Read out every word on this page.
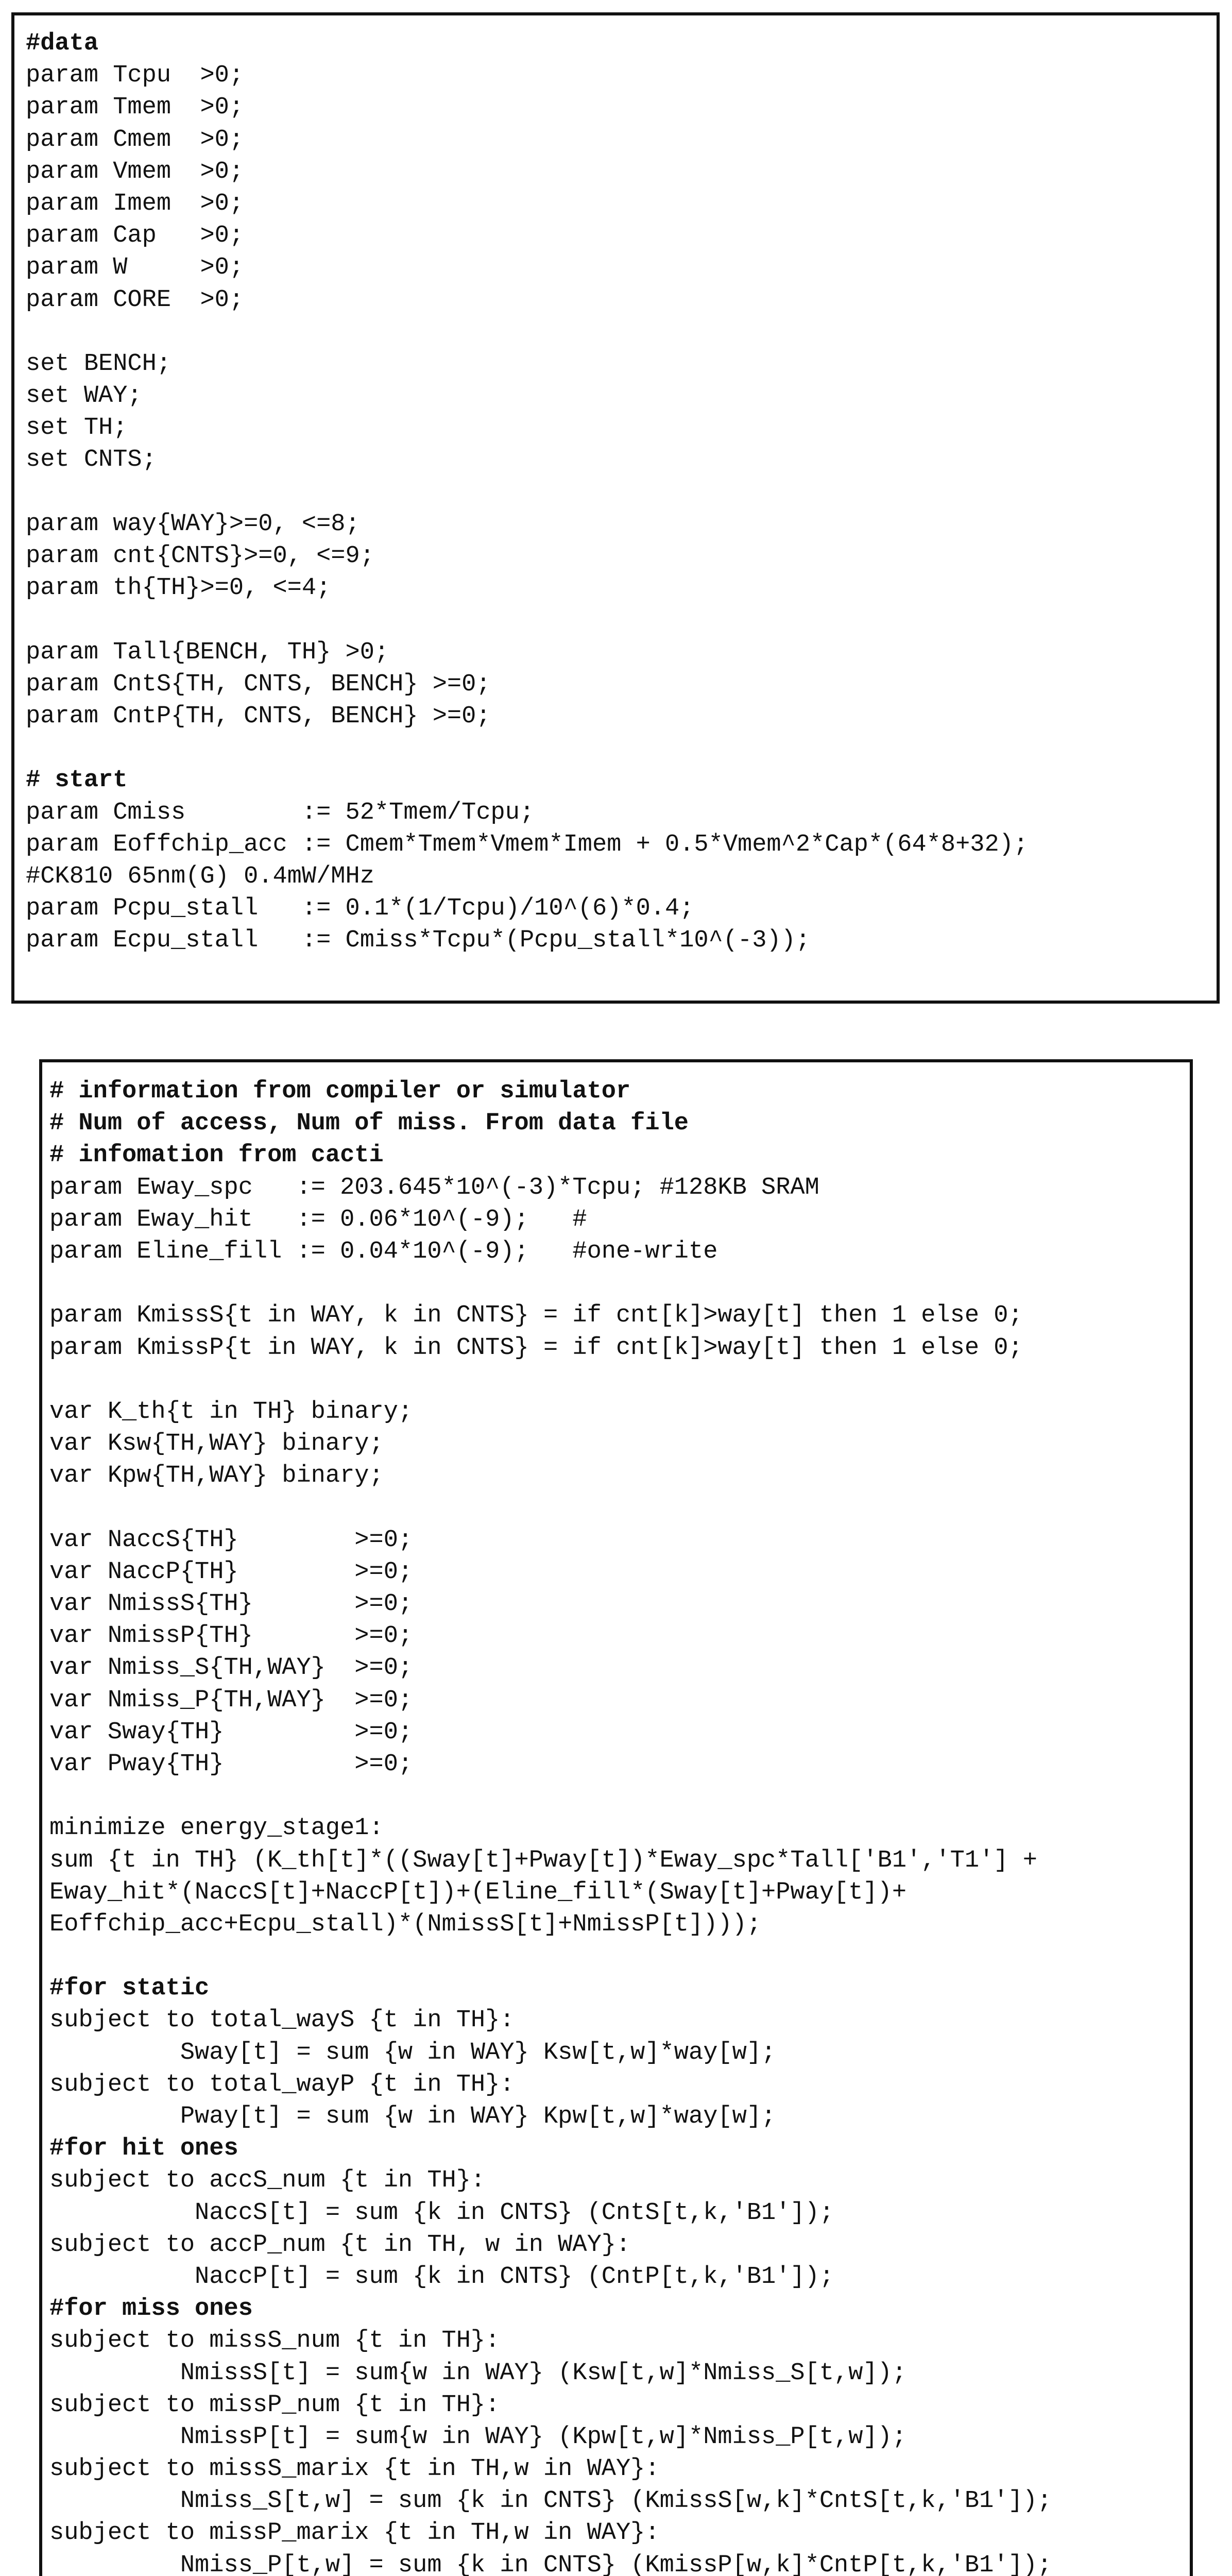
#data
param Tcpu  >0;
param Tmem  >0;
param Cmem  >0;
param Vmem  >0;
param Imem  >0;
param Cap   >0;
param W     >0;
param CORE  >0;
set BENCH;
set WAY;
set TH;
set CNTS;
param way{WAY}>=0, <=8;
param cnt{CNTS}>=0, <=9;
param th{TH}>=0, <=4;
param Tall{BENCH, TH} >0;
param CntS{TH, CNTS, BENCH} >=0;
param CntP{TH, CNTS, BENCH} >=0;
# start
param Cmiss        := 52*Tmem/Tcpu;
param Eoffchip_acc := Cmem*Tmem*Vmem*Imem + 0.5*Vmem^2*Cap*(64*8+32);
#CK810 65nm(G) 0.4mW/MHz
param Pcpu_stall   := 0.1*(1/Tcpu)/10^(6)*0.4;
param Ecpu_stall   := Cmiss*Tcpu*(Pcpu_stall*10^(-3));
# information from compiler or simulator
# Num of access, Num of miss. From data file
# infomation from cacti
param Eway_spc   := 203.645*10^(-3)*Tcpu; #128KB SRAM
param Eway_hit   := 0.06*10^(-9);   #
param Eline_fill := 0.04*10^(-9);   #one-write
param KmissS{t in WAY, k in CNTS} = if cnt[k]>way[t] then 1 else 0;
param KmissP{t in WAY, k in CNTS} = if cnt[k]>way[t] then 1 else 0;
var K_th{t in TH} binary;
var Ksw{TH,WAY} binary;
var Kpw{TH,WAY} binary;
var NaccS{TH}        >=0;
var NaccP{TH}        >=0;
var NmissS{TH}       >=0;
var NmissP{TH}       >=0;
var Nmiss_S{TH,WAY}  >=0;
var Nmiss_P{TH,WAY}  >=0;
var Sway{TH}         >=0;
var Pway{TH}         >=0;
minimize energy_stage1:
sum {t in TH} (K_th[t]*((Sway[t]+Pway[t])*Eway_spc*Tall['B1','T1'] +
Eway_hit*(NaccS[t]+NaccP[t])+(Eline_fill*(Sway[t]+Pway[t])+
Eoffchip_acc+Ecpu_stall)*(NmissS[t]+NmissP[t])));
#for static
subject to total_wayS {t in TH}:
Sway[t] = sum {w in WAY} Ksw[t,w]*way[w];
subject to total_wayP {t in TH}:
Pway[t] = sum {w in WAY} Kpw[t,w]*way[w];
#for hit ones
subject to accS_num {t in TH}:
NaccS[t] = sum {k in CNTS} (CntS[t,k,'B1']);
subject to accP_num {t in TH, w in WAY}:
NaccP[t] = sum {k in CNTS} (CntP[t,k,'B1']);
#for miss ones
subject to missS_num {t in TH}:
NmissS[t] = sum{w in WAY} (Ksw[t,w]*Nmiss_S[t,w]);
subject to missP_num {t in TH}:
NmissP[t] = sum{w in WAY} (Kpw[t,w]*Nmiss_P[t,w]);
subject to missS_marix {t in TH,w in WAY}:
Nmiss_S[t,w] = sum {k in CNTS} (KmissS[w,k]*CntS[t,k,'B1']);
subject to missP_marix {t in TH,w in WAY}:
Nmiss_P[t,w] = sum {k in CNTS} (KmissP[w,k]*CntP[t,k,'B1']);
